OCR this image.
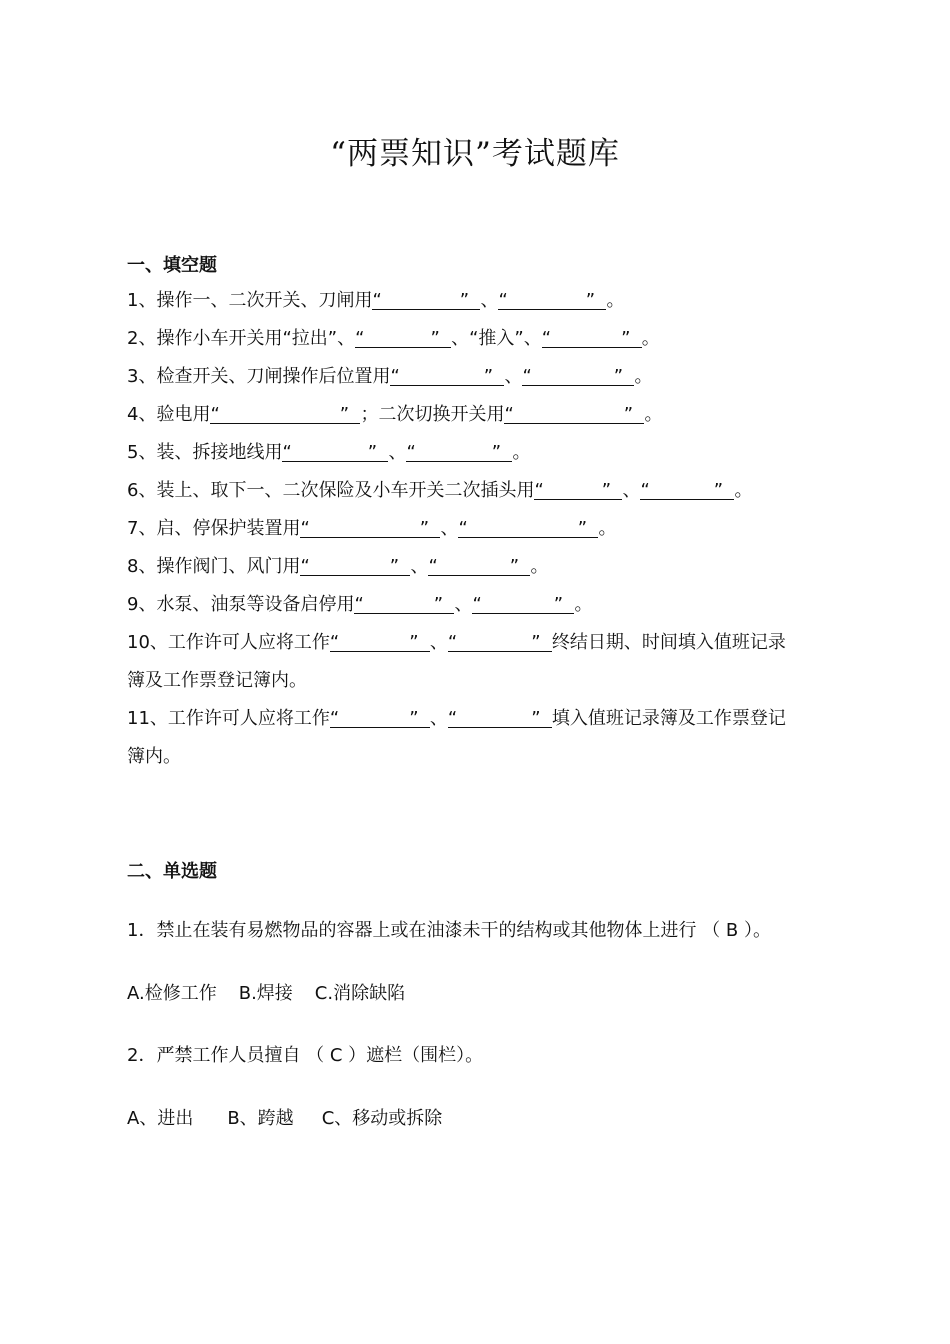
“两票知识”考试题库
一、填空题
1、操作一、二次开关、刀闸用“	” 、“	” 。
2、操作小车开关用“拉出”、“	” 、“推入”、“	” 。
3、检查开关、刀闸操作后位置用“	” 、“	” 。
4、验电用“	” ；二次切换开关用“	” 。
5、装、拆接地线用“	” 、“	” 。
6、装上、取下一、二次保险及小车开关二次插头用“	” 、“	” 。
7、启、停保护装置用“	” 、“	” 。
8、操作阀门、风门用“	” 、“	” 。
9、水泵、油泵等设备启停用“	” 、“	” 。
10、工作许可人应将工作“	” 、“	” 终结日期、时间填入值班记录
簿及工作票登记簿内。
11、工作许可人应将工作“	” 、“	” 填入值班记录簿及工作票登记
簿内。
二、单选题
1．禁止在装有易燃物品的容器上或在油漆未干的结构或其他物体上进行 （ B ）。
A.检修工作 B.焊接 C.消除缺陷
2．严禁工作人员擅自 （ C ）遮栏（围栏）。
A、进出 B、跨越 C、移动或拆除
